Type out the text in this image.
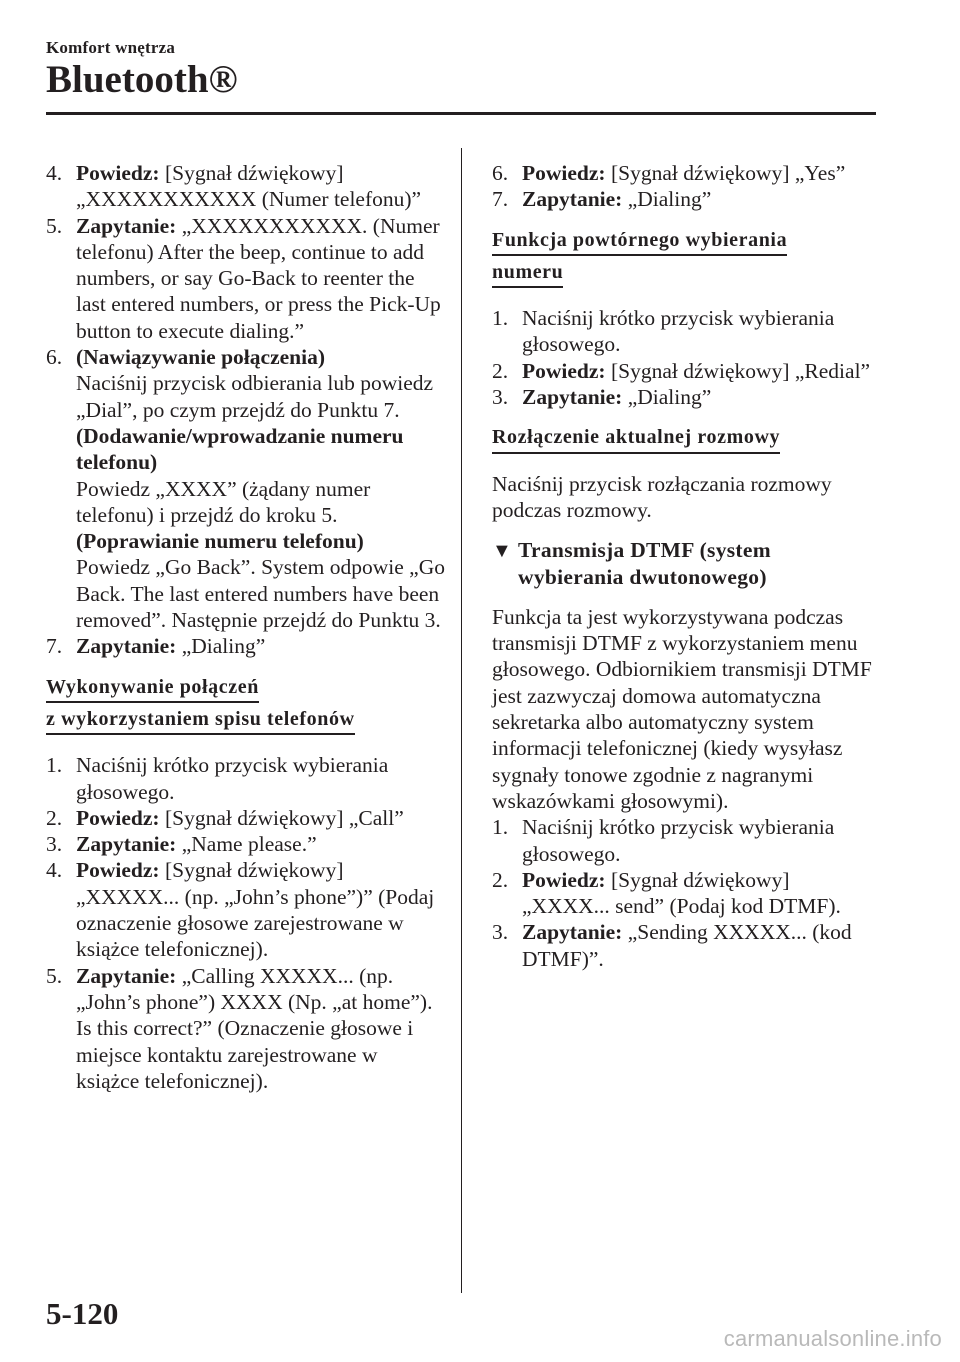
Komfort wnętrza
Bluetooth®
4. Powiedz: [Sygnał dźwiękowy] „XXXXXXXXXXX (Numer telefonu)”
5. Zapytanie: „XXXXXXXXXXX. (Numer telefonu) After the beep, continue to add numbers, or say Go-Back to reenter the last entered numbers, or press the Pick-Up button to execute dialing.”
6. (Nawiązywanie połączenia)
Naciśnij przycisk odbierania lub powiedz „Dial”, po czym przejdź do Punktu 7.
(Dodawanie/wprowadzanie numeru telefonu)
Powiedz „XXXX” (żądany numer telefonu) i przejdź do kroku 5.
(Poprawianie numeru telefonu)
Powiedz „Go Back”. System odpowie „Go Back. The last entered numbers have been removed”. Następnie przejdź do Punktu 3.
7. Zapytanie: „Dialing”
Wykonywanie połączeń
z wykorzystaniem spisu telefonów
1. Naciśnij krótko przycisk wybierania głosowego.
2. Powiedz: [Sygnał dźwiękowy] „Call”
3. Zapytanie: „Name please.”
4. Powiedz: [Sygnał dźwiękowy] „XXXXX... (np. „John’s phone”)” (Podaj oznaczenie głosowe zarejestrowane w książce telefonicznej).
5. Zapytanie: „Calling XXXXX... (np. „John’s phone”) XXXX (Np. „at home”). Is this correct?” (Oznaczenie głosowe i miejsce kontaktu zarejestrowane w książce telefonicznej).
6. Powiedz: [Sygnał dźwiękowy] „Yes”
7. Zapytanie: „Dialing”
Funkcja powtórnego wybierania
numeru
1. Naciśnij krótko przycisk wybierania głosowego.
2. Powiedz: [Sygnał dźwiękowy] „Redial”
3. Zapytanie: „Dialing”
Rozłączenie aktualnej rozmowy

Naciśnij przycisk rozłączania rozmowy podczas rozmowy.

▼ Transmisja DTMF (system
wybierania dwutonowego)

Funkcja ta jest wykorzystywana podczas transmisji DTMF z wykorzystaniem menu głosowego. Odbiornikiem transmisji DTMF jest zazwyczaj domowa automatyczna sekretarka albo automatyczny system informacji telefonicznej (kiedy wysyłasz sygnały tonowe zgodnie z nagranymi wskazówkami głosowymi).

1. Naciśnij krótko przycisk wybierania głosowego.
2. Powiedz: [Sygnał dźwiękowy] „XXXX... send” (Podaj kod DTMF).
3. Zapytanie: „Sending XXXXX... (kod DTMF)”.
5-120
carmanualsonline.info
